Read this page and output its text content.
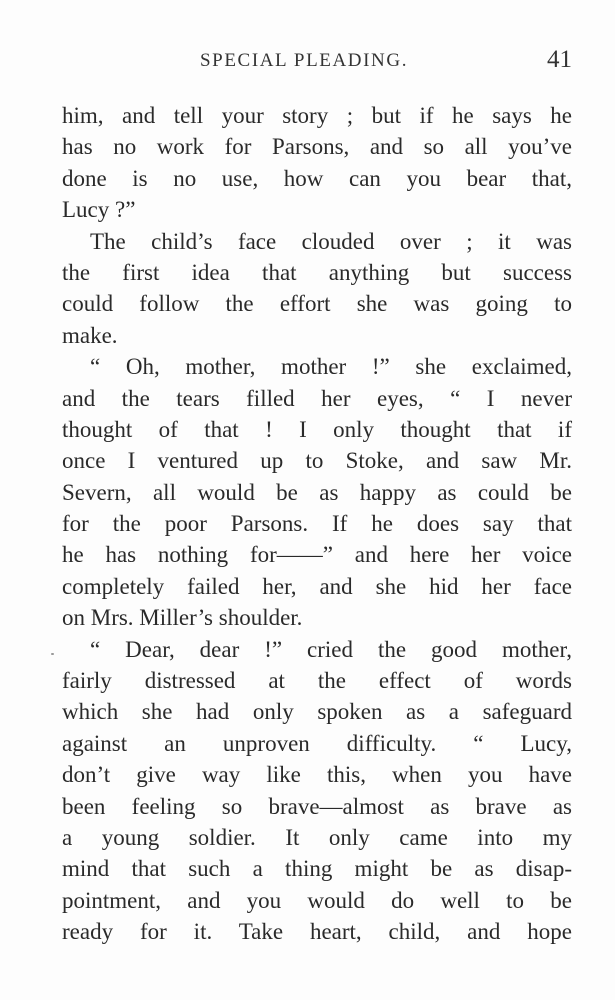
SPECIAL PLEADING.	41
him, and tell your story ; but if he says he
has no work for Parsons, and so all you’ve
done is no use, how can you bear that,
Lucy ?”
The child’s face clouded over ; it was
the first idea that anything but success
could follow the effort she was going to
make.
“ Oh, mother, mother !” she exclaimed,
and the tears filled her eyes, “ I never
thought of that ! I only thought that if
once I ventured up to Stoke, and saw Mr.
Severn, all would be as happy as could be
for the poor Parsons. If he does say that
he has nothing for——” and here her voice
completely failed her, and she hid her face
on Mrs. Miller’s shoulder.
“ Dear, dear !” cried the good mother,
fairly distressed at the effect of words
which she had only spoken as a safeguard
against an unproven difficulty. “ Lucy,
don’t give way like this, when you have
been feeling so brave—almost as brave as
a young soldier. It only came into my
mind that such a thing might be as disap-
pointment, and you would do well to be
ready for it. Take heart, child, and hope
